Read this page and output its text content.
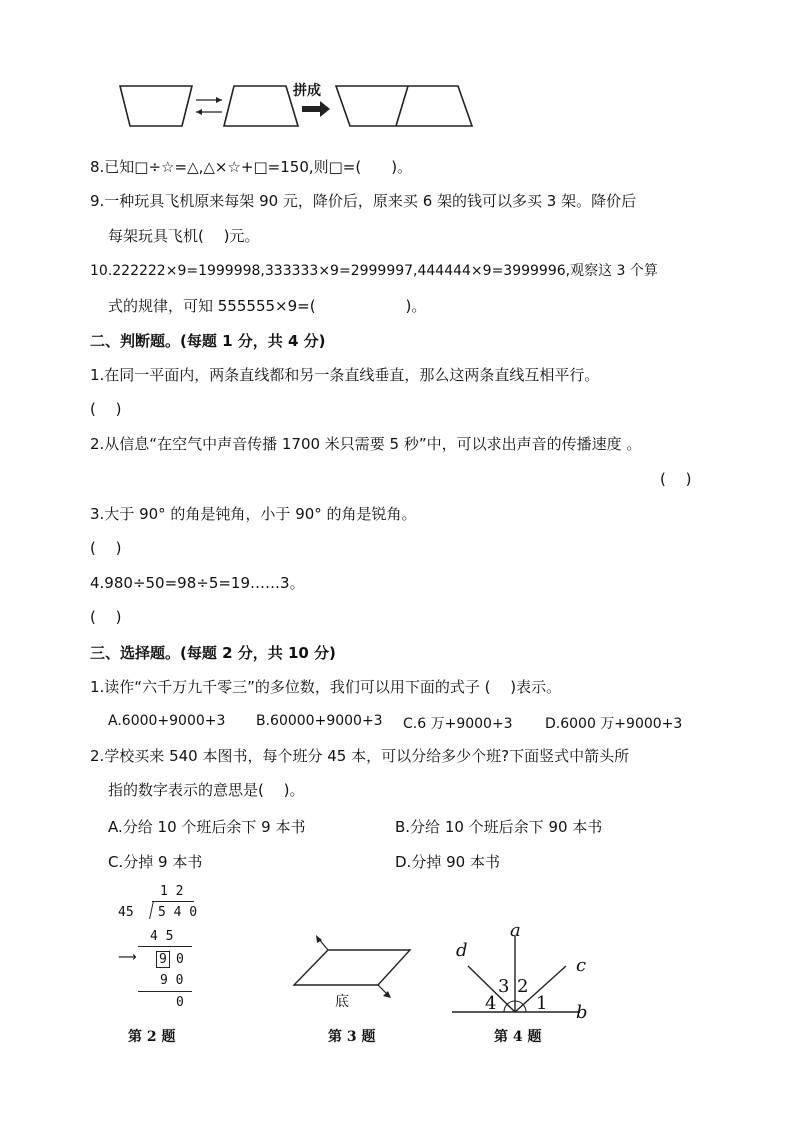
拼成
8.已知□÷☆=△,△×☆+□=150,则□=(　　)。
9.一种玩具飞机原来每架 90 元，降价后，原来买 6 架的钱可以多买 3 架。降价后
每架玩具飞机(　 )元。
10.222222×9=1999998,333333×9=2999997,444444×9=3999996,观察这 3 个算
式的规律，可知 555555×9=(　　　　　　)。
二、判断题。(每题 1 分，共 4 分)
1.在同一平面内，两条直线都和另一条直线垂直，那么这两条直线互相平行。
(　 )
2.从信息“在空气中声音传播 1700 米只需要 5 秒”中，可以求出声音的传播速度 。
(　 )
3.大于 90° 的角是钝角，小于 90° 的角是锐角。
(　 )
4.980÷50=98÷5=19……3。
(　 )
三、选择题。(每题 2 分，共 10 分)
1.读作“六千万九千零三”的多位数，我们可以用下面的式子 (　 )表示。
A.6000+9000+3 B.60000+9000+3 C.6 万+9000+3 D.6000 万+9000+3
2.学校买来 540 本图书，每个班分 45 本，可以分给多少个班?下面竖式中箭头所
指的数字表示的意思是(　 )。
A.分给 10 个班后余下 9 本书	B.分给 10 个班后余下 90 本书
C.分掉 9 本书	D.分掉 90 本书
1 2
45 5 4 0
4 5
⟶ 9 0
9 0
0	底
a
b
c
d
1
2
3
4
第 2 题	第 3 题	第 4 题
